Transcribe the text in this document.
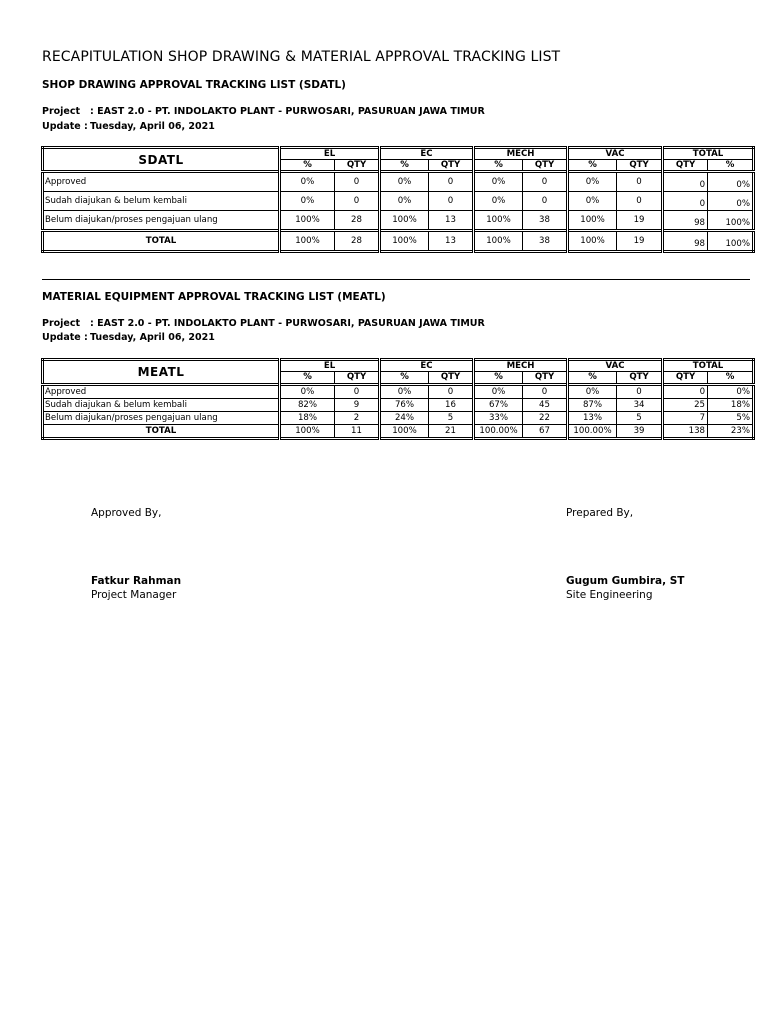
RECAPITULATION SHOP DRAWING & MATERIAL APPROVAL TRACKING LIST
SHOP DRAWING APPROVAL TRACKING LIST (SDATL)
Project : EAST 2.0 - PT. INDOLAKTO PLANT - PURWOSARI, PASURUAN JAWA TIMUR
Update : Tuesday, April 06, 2021
SDATL	EL		EC		MECH		VAC		TOTAL	
	%	QTY	%	QTY	%	QTY	%	QTY	QTY	%
Approved	0%	0	0%	0	0%	0	0%	0	0	0%
Sudah diajukan & belum kembali	0%	0	0%	0	0%	0	0%	0	0	0%
Belum diajukan/proses pengajuan ulang	100%	28	100%	13	100%	38	100%	19	98	100%
TOTAL	100%	28	100%	13	100%	38	100%	19	98	100%
MATERIAL EQUIPMENT APPROVAL TRACKING LIST (MEATL)
Project : EAST 2.0 - PT. INDOLAKTO PLANT - PURWOSARI, PASURUAN JAWA TIMUR
Update : Tuesday, April 06, 2021
MEATL	EL		EC		MECH		VAC		TOTAL	
	%	QTY	%	QTY	%	QTY	%	QTY	QTY	%
Approved	0%	0	0%	0	0%	0	0%	0	0	0%
Sudah diajukan & belum kembali	82%	9	76%	16	67%	45	87%	34	25	18%
Belum diajukan/proses pengajuan ulang	18%	2	24%	5	33%	22	13%	5	7	5%
TOTAL	100%	11	100%	21	100.00%	67	100.00%	39	138	23%
Approved By,
Fatkur Rahman
Project Manager
Prepared By,
Gugum Gumbira, ST
Site Engineering
